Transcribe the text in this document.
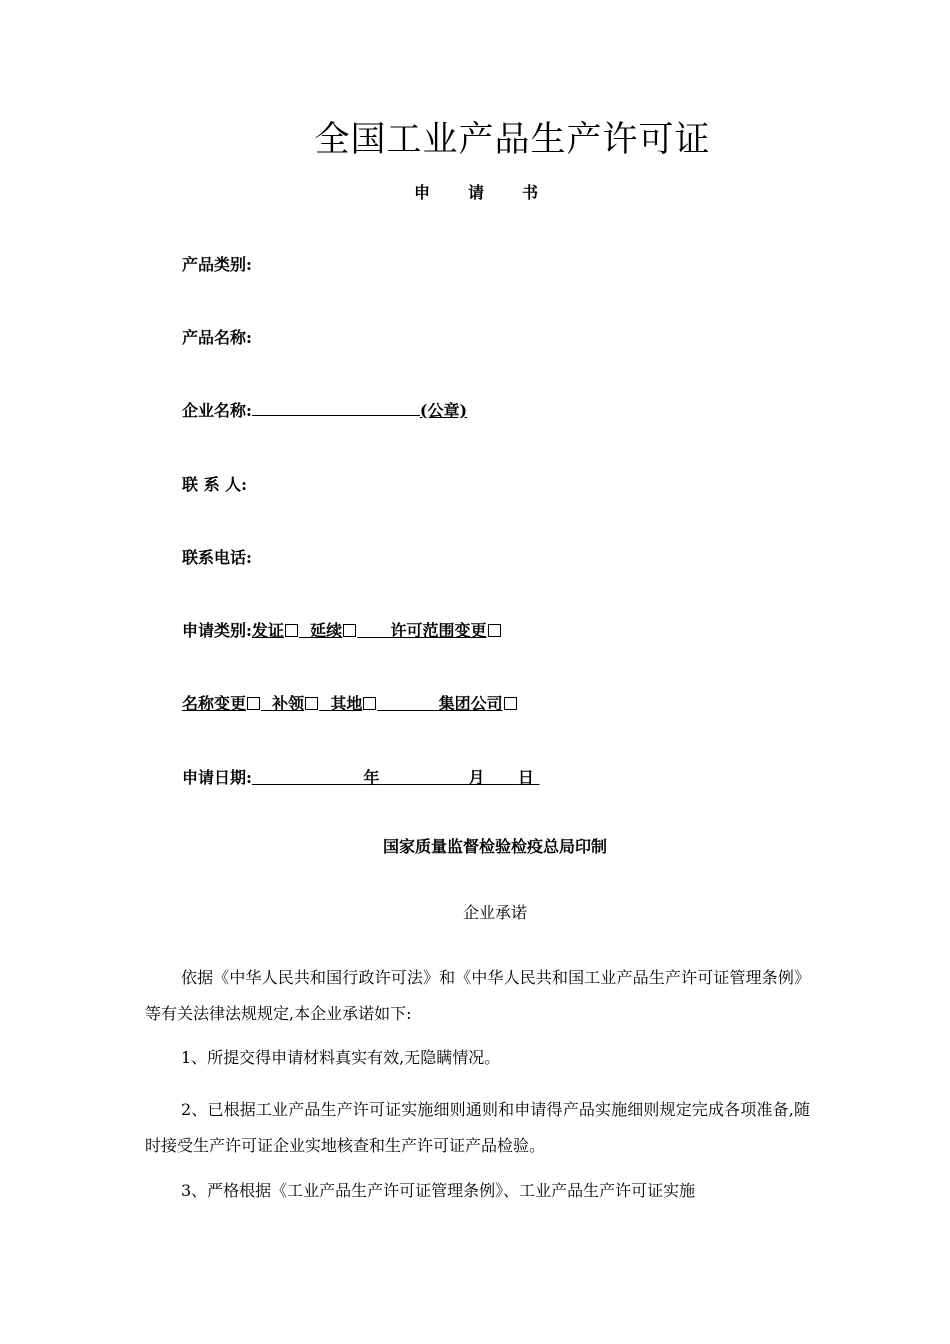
全国工业产品生产许可证
申请书
产品类别:
产品名称:
企业名称:	(公章)
联 系 人:
联系电话:
申请类别:发证 延续	许可范围变更
名称变更 补领 其地	集团公司
申请日期:	年	月 日
国家质量监督检验检疫总局印制
企业承诺
依据《中华人民共和国行政许可法》和《中华人民共和国工业产品生产许可证管理条例》等有关法律法规规定,本企业承诺如下:
1、所提交得申请材料真实有效,无隐瞒情况。
2、已根据工业产品生产许可证实施细则通则和申请得产品实施细则规定完成各项准备,随时接受生产许可证企业实地核查和生产许可证产品检验。
3、严格根据《工业产品生产许可证管理条例》、工业产品生产许可证实施
